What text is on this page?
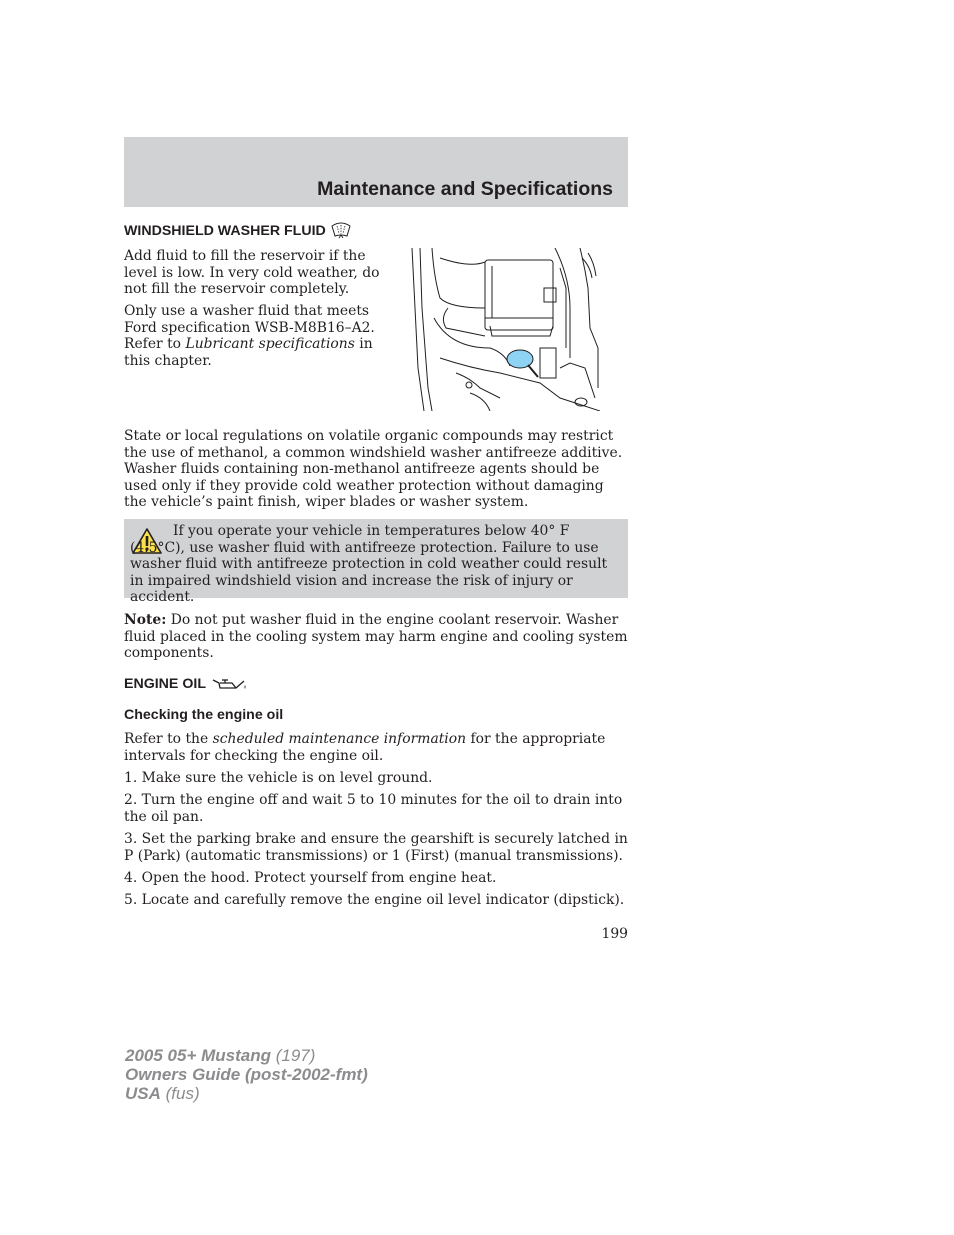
Maintenance and Specifications
WINDSHIELD WASHER FLUID

Add fluid to fill the reservoir if the level is low. In very cold weather, do not fill the reservoir completely.

Only use a washer fluid that meets Ford specification WSB-M8B16–A2. Refer to Lubricant specifications in this chapter.

State or local regulations on volatile organic compounds may restrict the use of methanol, a common windshield washer antifreeze additive. Washer fluids containing non-methanol antifreeze agents should be used only if they provide cold weather protection without damaging the vehicle’s paint finish, wiper blades or washer system.

If you operate your vehicle in temperatures below 40° F (4.5°C), use washer fluid with antifreeze protection. Failure to use washer fluid with antifreeze protection in cold weather could result in impaired windshield vision and increase the risk of injury or accident.

Note: Do not put washer fluid in the engine coolant reservoir. Washer fluid placed in the cooling system may harm engine and cooling system components.

ENGINE OIL
Checking the engine oil

Refer to the scheduled maintenance information for the appropriate intervals for checking the engine oil.

1. Make sure the vehicle is on level ground.

2. Turn the engine off and wait 5 to 10 minutes for the oil to drain into the oil pan.

3. Set the parking brake and ensure the gearshift is securely latched in P (Park) (automatic transmissions) or 1 (First) (manual transmissions).

4. Open the hood. Protect yourself from engine heat.

5. Locate and carefully remove the engine oil level indicator (dipstick).

199
2005 05+ Mustang (197)
Owners Guide (post-2002-fmt)
USA (fus)
